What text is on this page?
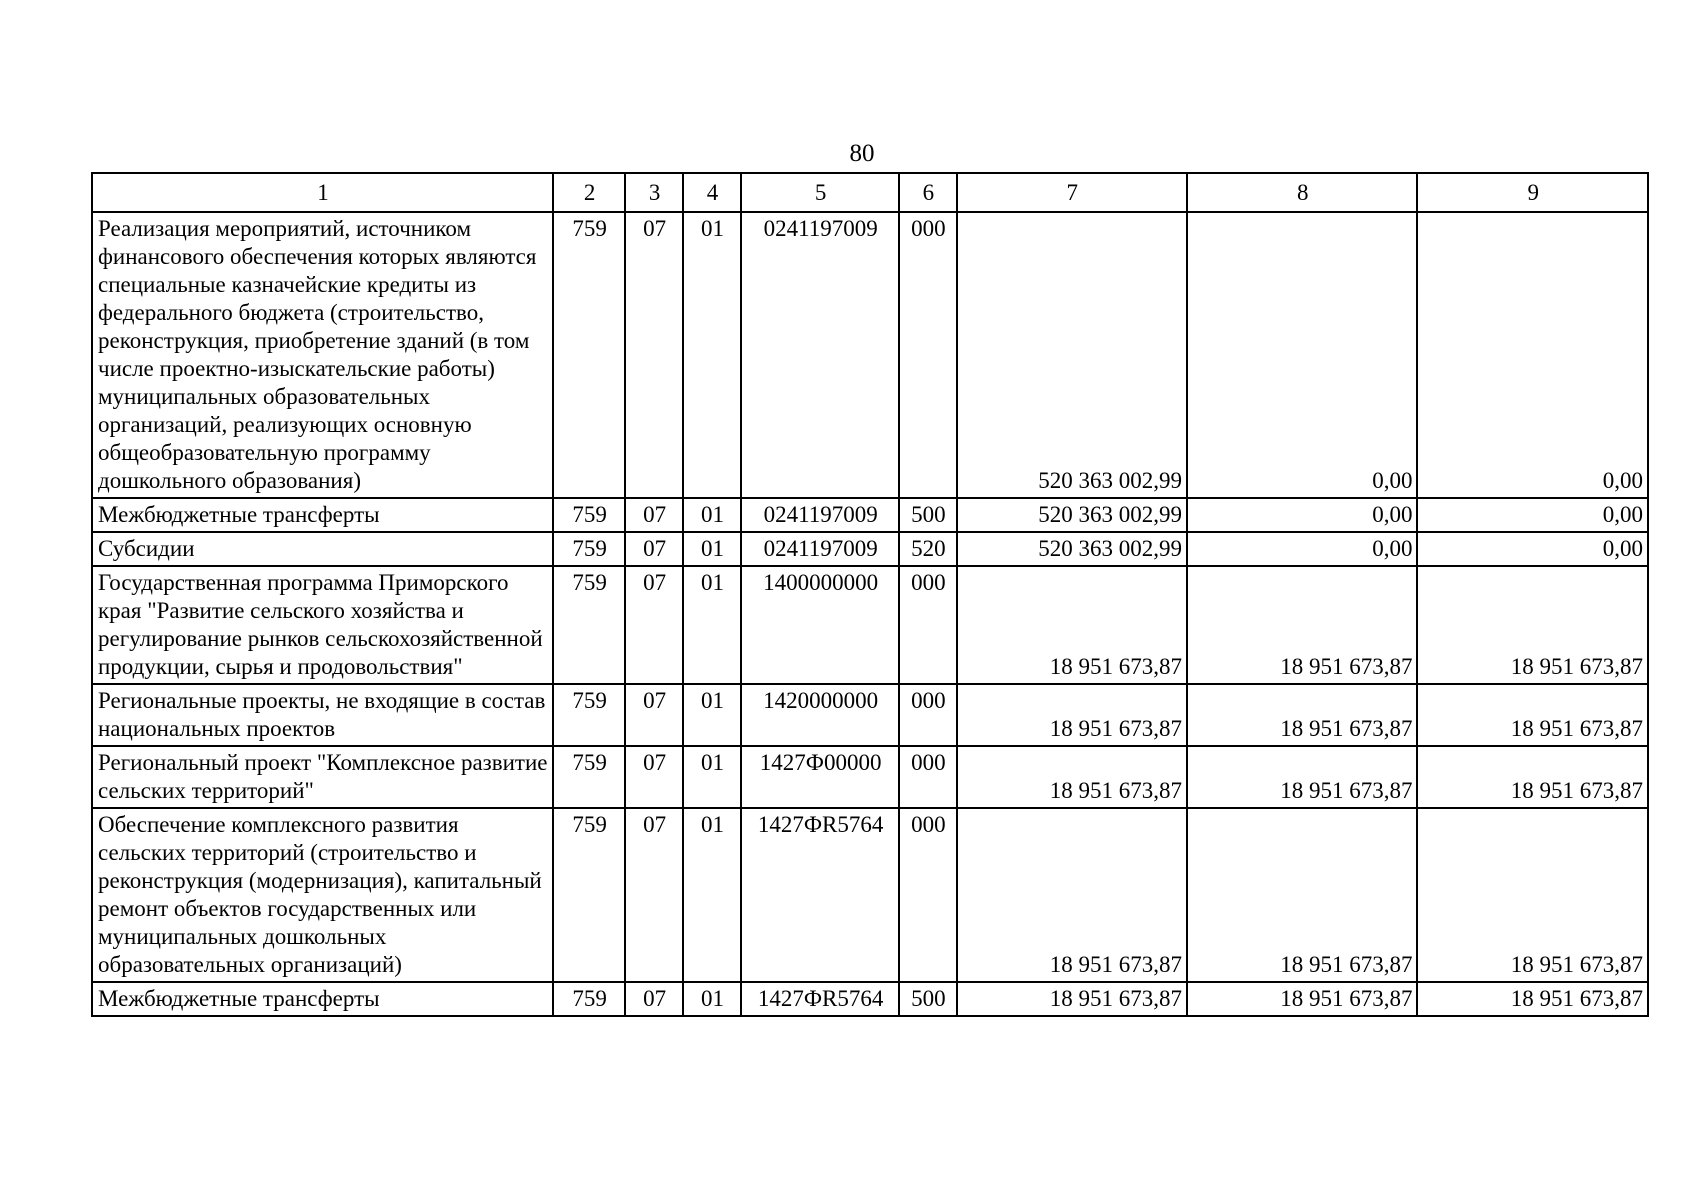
80
1	2	3	4	5	6	7	8	9
Реализация мероприятий, источником финансового обеспечения которых являются специальные казначейские кредиты из федерального бюджета (строительство, реконструкция, приобретение зданий (в том числе проектно-изыскательские работы) муниципальных образовательных организаций, реализующих основную общеобразовательную программу дошкольного образования)	759	07	01	0241197009	000	520 363 002,99	0,00	0,00
Межбюджетные трансферты	759	07	01	0241197009	500	520 363 002,99	0,00	0,00
Субсидии	759	07	01	0241197009	520	520 363 002,99	0,00	0,00
Государственная программа Приморского края "Развитие сельского хозяйства и регулирование рынков сельскохозяйственной продукции, сырья и продовольствия"	759	07	01	1400000000	000	18 951 673,87	18 951 673,87	18 951 673,87
Региональные проекты, не входящие в состав национальных проектов	759	07	01	1420000000	000	18 951 673,87	18 951 673,87	18 951 673,87
Региональный проект "Комплексное развитие сельских территорий"	759	07	01	1427Ф00000	000	18 951 673,87	18 951 673,87	18 951 673,87
Обеспечение комплексного развития сельских территорий (строительство и реконструкция (модернизация), капитальный ремонт объектов государственных или муниципальных дошкольных образовательных организаций)	759	07	01	1427ФR5764	000	18 951 673,87	18 951 673,87	18 951 673,87
Межбюджетные трансферты	759	07	01	1427ФR5764	500	18 951 673,87	18 951 673,87	18 951 673,87
